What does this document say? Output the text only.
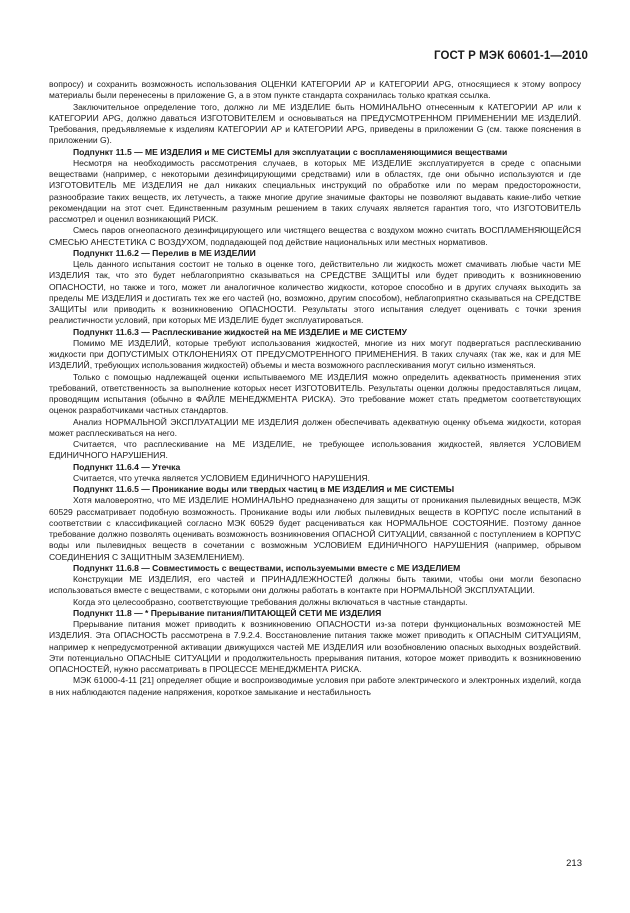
ГОСТ Р МЭК 60601-1—2010

вопросу) и сохранить возможность использования ОЦЕНКИ КАТЕГОРИИ AP и КАТЕГОРИИ APG, относящиеся к этому вопросу материалы были перенесены в приложение G, а в этом пункте стандарта сохранилась только краткая ссылка.

Заключительное определение того, должно ли МЕ ИЗДЕЛИЕ быть НОМИНАЛЬНО отнесенным к КАТЕГОРИИ AP или к КАТЕГОРИИ APG, должно даваться ИЗГОТОВИТЕЛЕМ и основываться на ПРЕДУСМОТРЕННОМ ПРИМЕНЕНИИ МЕ ИЗДЕЛИЙ. Требования, предъявляемые к изделиям КАТЕГОРИИ AP и КАТЕГОРИИ APG, приведены в приложении G (см. также пояснения в приложении G).

Подпункт 11.5 — МЕ ИЗДЕЛИЯ и МЕ СИСТЕМЫ для эксплуатации с воспламеняющимися веществами

Несмотря на необходимость рассмотрения случаев, в которых МЕ ИЗДЕЛИЕ эксплуатируется в среде с опасными веществами (например, с некоторыми дезинфицирующими средствами) или в областях, где они обычно используются и где ИЗГОТОВИТЕЛЬ МЕ ИЗДЕЛИЯ не дал никаких специальных инструкций по обработке или по мерам предосторожности, разнообразие таких веществ, их летучесть, а также многие другие значимые факторы не позволяют выдавать какие-либо четкие рекомендации на этот счет. Единственным разумным решением в таких случаях является гарантия того, что ИЗГОТОВИТЕЛЬ рассмотрел и оценил возникающий РИСК.

Смесь паров огнеопасного дезинфицирующего или чистящего вещества с воздухом можно считать ВОСПЛАМЕНЯЮЩЕЙСЯ СМЕСЬЮ АНЕСТЕТИКА С ВОЗДУХОМ, подпадающей под действие национальных или местных нормативов.

Подпункт 11.6.2 — Перелив в МЕ ИЗДЕЛИИ

Цель данного испытания состоит не только в оценке того, действительно ли жидкость может смачивать любые части МЕ ИЗДЕЛИЯ так, что это будет неблагоприятно сказываться на СРЕДСТВЕ ЗАЩИТЫ или будет приводить к возникновению ОПАСНОСТИ, но также и того, может ли аналогичное количество жидкости, которое способно и в других случаях выходить за пределы МЕ ИЗДЕЛИЯ и достигать тех же его частей (но, возможно, другим способом), неблагоприятно сказываться на СРЕДСТВЕ ЗАЩИТЫ или приводить к возникновению ОПАСНОСТИ. Результаты этого испытания следует оценивать с точки зрения реалистичности условий, при которых МЕ ИЗДЕЛИЕ будет эксплуатироваться.

Подпункт 11.6.3 — Расплескивание жидкостей на МЕ ИЗДЕЛИЕ и МЕ СИСТЕМУ

Помимо МЕ ИЗДЕЛИЙ, которые требуют использования жидкостей, многие из них могут подвергаться расплескиванию жидкости при ДОПУСТИМЫХ ОТКЛОНЕНИЯХ ОТ ПРЕДУСМОТРЕННОГО ПРИМЕНЕНИЯ. В таких случаях (так же, как и для МЕ ИЗДЕЛИЙ, требующих использования жидкостей) объемы и места возможного расплескивания могут сильно изменяться.

Только с помощью надлежащей оценки испытываемого МЕ ИЗДЕЛИЯ можно определить адекватность применения этих требований, ответственность за выполнение которых несет ИЗГОТОВИТЕЛЬ. Результаты оценки должны предоставляться лицам, проводящим испытания (обычно в ФАЙЛЕ МЕНЕДЖМЕНТА РИСКА). Это требование может стать предметом соответствующих оценок разработчиками частных стандартов.

Анализ НОРМАЛЬНОЙ ЭКСПЛУАТАЦИИ МЕ ИЗДЕЛИЯ должен обеспечивать адекватную оценку объема жидкости, которая может расплескиваться на него.

Считается, что расплескивание на МЕ ИЗДЕЛИЕ, не требующее использования жидкостей, является УСЛОВИЕМ ЕДИНИЧНОГО НАРУШЕНИЯ.

Подпункт 11.6.4 — Утечка

Считается, что утечка является УСЛОВИЕМ ЕДИНИЧНОГО НАРУШЕНИЯ.

Подпункт 11.6.5 — Проникание воды или твердых частиц в МЕ ИЗДЕЛИЯ и МЕ СИСТЕМЫ

Хотя маловероятно, что МЕ ИЗДЕЛИЕ НОМИНАЛЬНО предназначено для защиты от проникания пылевидных веществ, МЭК 60529 рассматривает подобную возможность. Проникание воды или любых пылевидных веществ в КОРПУС после испытаний в соответствии с классификацией согласно МЭК 60529 будет расцениваться как НОРМАЛЬНОЕ СОСТОЯНИЕ. Поэтому данное требование должно позволять оценивать возможность возникновения ОПАСНОЙ СИТУАЦИИ, связанной с поступлением в КОРПУС воды или пылевидных веществ в сочетании с возможным УСЛОВИЕМ ЕДИНИЧНОГО НАРУШЕНИЯ (например, обрывом СОЕДИНЕНИЯ С ЗАЩИТНЫМ ЗАЗЕМЛЕНИЕМ).

Подпункт 11.6.8 — Совместимость с веществами, используемыми вместе с МЕ ИЗДЕЛИЕМ

Конструкции МЕ ИЗДЕЛИЯ, его частей и ПРИНАДЛЕЖНОСТЕЙ должны быть такими, чтобы они могли безопасно использоваться вместе с веществами, с которыми они должны работать в контакте при НОРМАЛЬНОЙ ЭКСПЛУАТАЦИИ.

Когда это целесообразно, соответствующие требования должны включаться в частные стандарты.

Подпункт 11.8 — * Прерывание питания/ПИТАЮЩЕЙ СЕТИ МЕ ИЗДЕЛИЯ

Прерывание питания может приводить к возникновению ОПАСНОСТИ из-за потери функциональных возможностей МЕ ИЗДЕЛИЯ. Эта ОПАСНОСТЬ рассмотрена в 7.9.2.4. Восстановление питания также может приводить к ОПАСНЫМ СИТУАЦИЯМ, например к непредусмотренной активации движущихся частей МЕ ИЗДЕЛИЯ или возобновлению опасных выходных воздействий. Эти потенциально ОПАСНЫЕ СИТУАЦИИ и продолжительность прерывания питания, которое может приводить к возникновению ОПАСНОСТЕЙ, нужно рассматривать в ПРОЦЕССЕ МЕНЕДЖМЕНТА РИСКА.

МЭК 61000-4-11 [21] определяет общие и воспроизводимые условия при работе электрического и электронных изделий, когда в них наблюдаются падение напряжения, короткое замыкание и нестабильность

213
